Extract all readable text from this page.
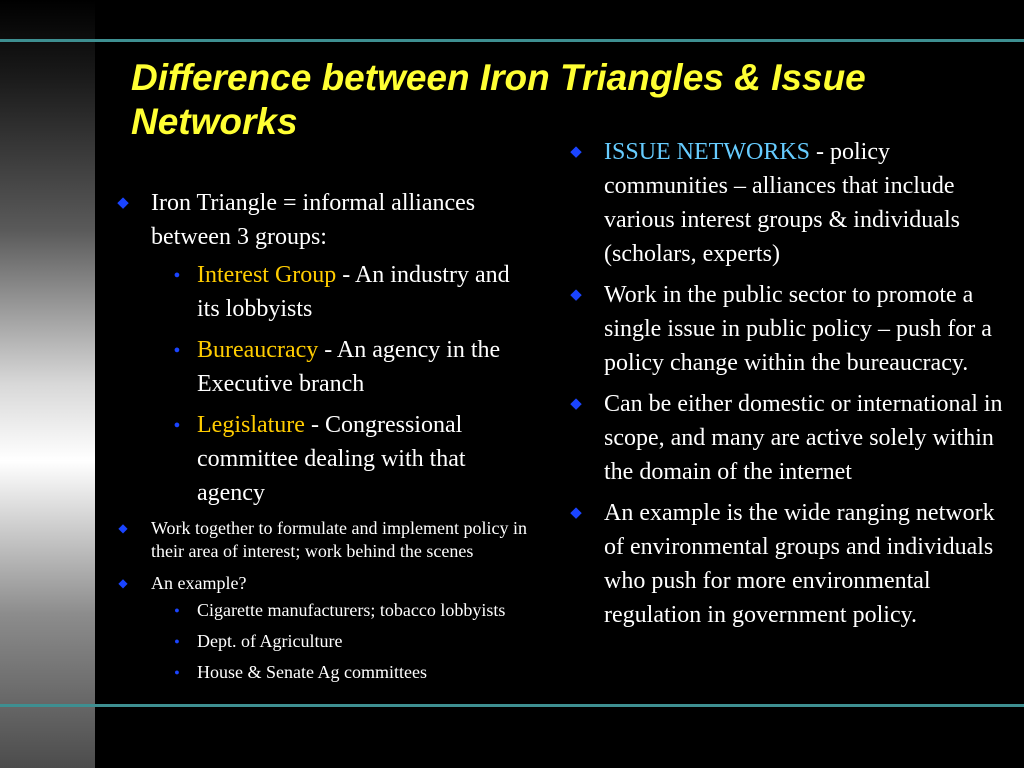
Difference between Iron Triangles & Issue Networks
◆ Iron Triangle = informal alliances between 3 groups:
● Interest Group - An industry and its lobbyists
● Bureaucracy - An agency in the Executive branch
● Legislature - Congressional committee dealing with that agency
◆ Work together to formulate and implement policy in their area of interest; work behind the scenes
◆ An example?
● Cigarette manufacturers; tobacco lobbyists
● Dept. of Agriculture
● House & Senate Ag committees
◆ ISSUE NETWORKS - policy communities – alliances that include various interest groups & individuals (scholars, experts)
◆ Work in the public sector to promote a single issue in public policy – push for a policy change within the bureaucracy.
◆ Can be either domestic or international in scope, and many are active solely within the domain of the internet
◆ An example is the wide ranging network of environmental groups and individuals who push for more environmental regulation in government policy.
